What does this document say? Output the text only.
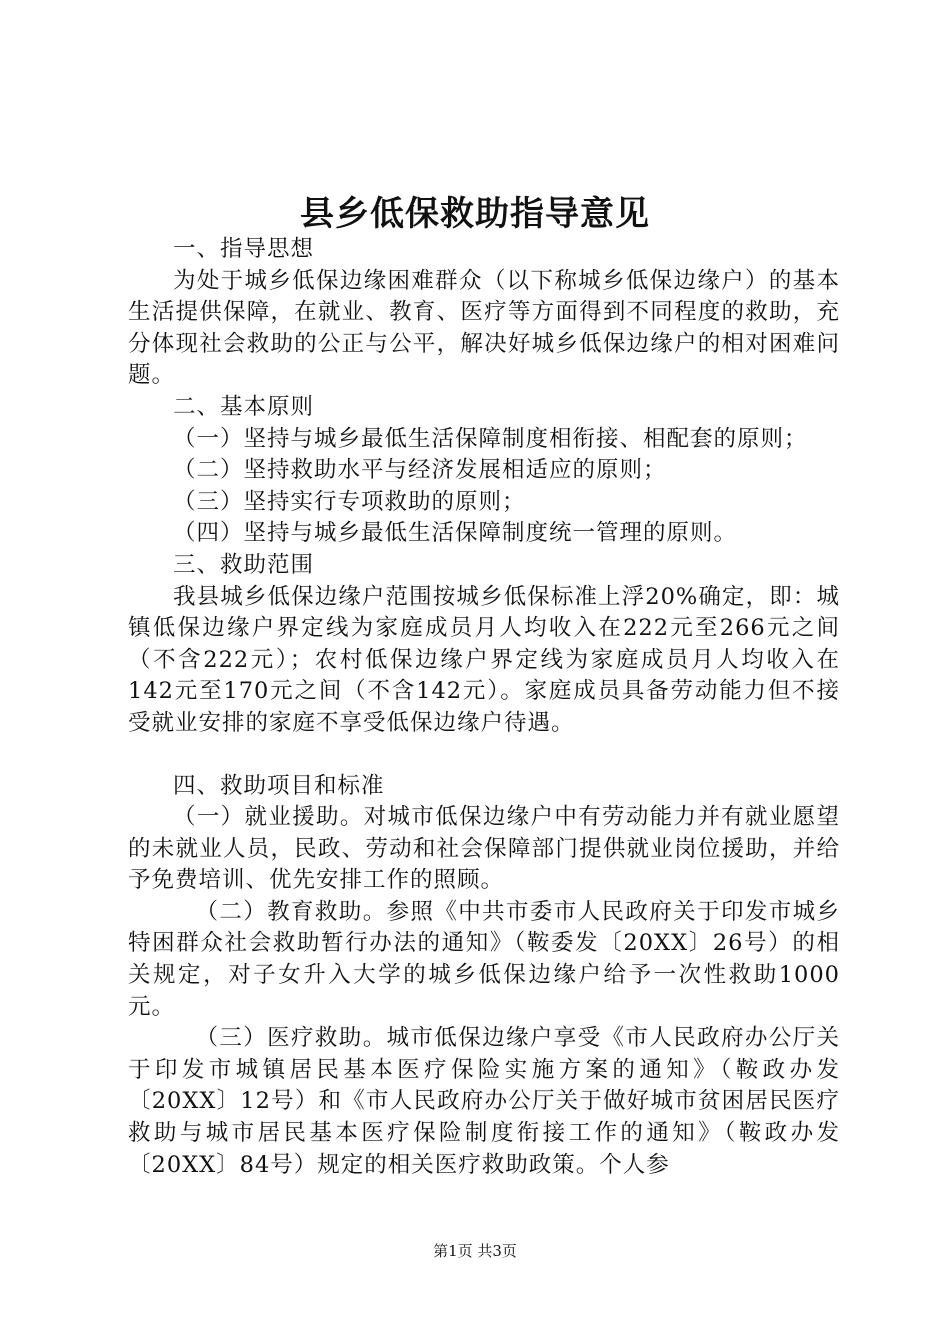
县乡低保救助指导意见

一、指导思想

为处于城乡低保边缘困难群众（以下称城乡低保边缘户）的基本生活提供保障，在就业、教育、医疗等方面得到不同程度的救助，充分体现社会救助的公正与公平，解决好城乡低保边缘户的相对困难问题。

二、基本原则

（一）坚持与城乡最低生活保障制度相衔接、相配套的原则；

（二）坚持救助水平与经济发展相适应的原则；

（三）坚持实行专项救助的原则；

（四）坚持与城乡最低生活保障制度统一管理的原则。

三、救助范围

我县城乡低保边缘户范围按城乡低保标准上浮20%确定，即：城镇低保边缘户界定线为家庭成员月人均收入在222元至266元之间（不含222元）；农村低保边缘户界定线为家庭成员月人均收入在142元至170元之间（不含142元）。家庭成员具备劳动能力但不接受就业安排的家庭不享受低保边缘户待遇。

四、救助项目和标准

（一）就业援助。对城市低保边缘户中有劳动能力并有就业愿望的未就业人员，民政、劳动和社会保障部门提供就业岗位援助，并给予免费培训、优先安排工作的照顾。

（二）教育救助。参照《中共市委市人民政府关于印发市城乡特困群众社会救助暂行办法的通知》（鞍委发〔20XX〕26号）的相关规定，对子女升入大学的城乡低保边缘户给予一次性救助1000元。

（三）医疗救助。城市低保边缘户享受《市人民政府办公厅关于印发市城镇居民基本医疗保险实施方案的通知》（鞍政办发〔20XX〕12号）和《市人民政府办公厅关于做好城市贫困居民医疗救助与城市居民基本医疗保险制度衔接工作的通知》（鞍政办发〔20XX〕84号）规定的相关医疗救助政策。个人参

第1页 共3页
